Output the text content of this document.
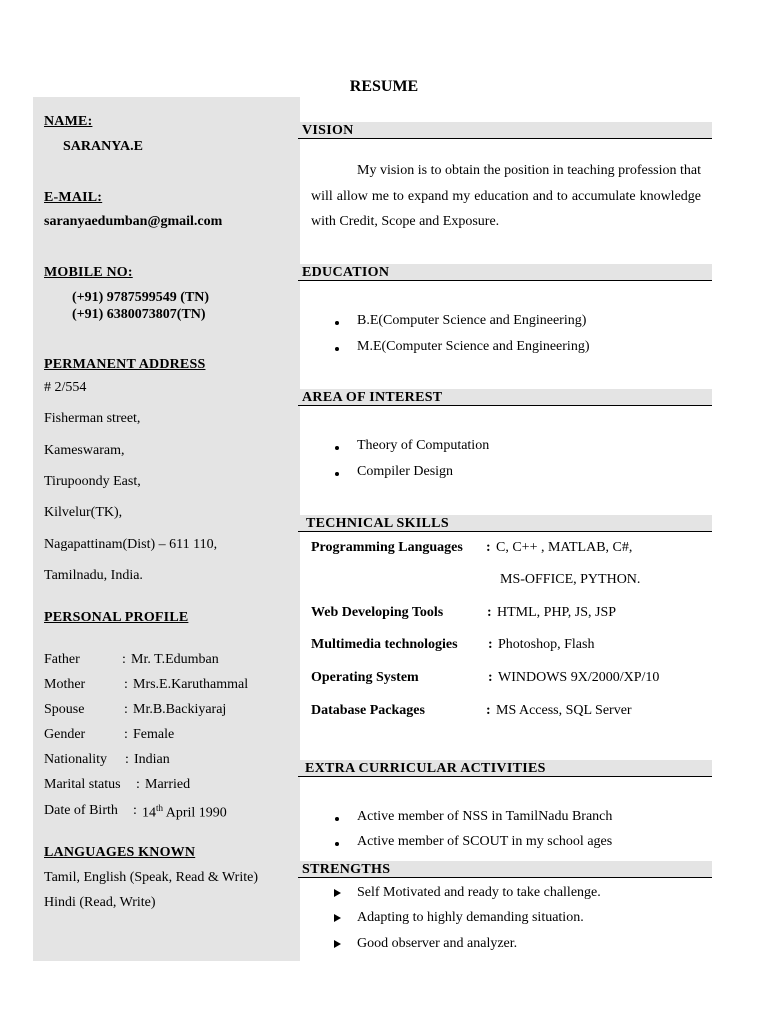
RESUME
NAME:
SARANYA.E
E-MAIL:
saranyaedumban@gmail.com
MOBILE NO:
(+91) 9787599549 (TN)
(+91) 6380073807(TN)
PERMANENT ADDRESS
# 2/554
Fisherman street,
Kameswaram,
Tirupoondy East,
Kilvelur(TK),
Nagapattinam(Dist) – 611 110,
Tamilnadu, India.
PERSONAL PROFILE
Father	: Mr. T.Edumban
Mother	: Mrs.E.Karuthammal
Spouse	: Mr.B.Backiyaraj
Gender	: Female
Nationality : Indian
Marital status : Married
Date of Birth : 14th April 1990
LANGUAGES KNOWN
Tamil, English (Speak, Read & Write)
Hindi (Read, Write)
VISION
My vision is to obtain the position in teaching profession that will allow me to expand my education and to accumulate knowledge with Credit, Scope and Exposure.
EDUCATION
B.E(Computer Science and Engineering)
M.E(Computer Science and Engineering)
AREA OF INTEREST
Theory of Computation
Compiler Design
TECHNICAL SKILLS
Programming Languages : C, C++ , MATLAB, C#,
MS-OFFICE, PYTHON.
Web Developing Tools	: HTML, PHP, JS, JSP
Multimedia technologies : Photoshop, Flash
Operating System	: WINDOWS 9X/2000/XP/10
Database Packages	: MS Access, SQL Server
EXTRA CURRICULAR ACTIVITIES
Active member of NSS in TamilNadu Branch
Active member of SCOUT in my school ages
STRENGTHS
Self Motivated and ready to take challenge.
Adapting to highly demanding situation.
Good observer and analyzer.
